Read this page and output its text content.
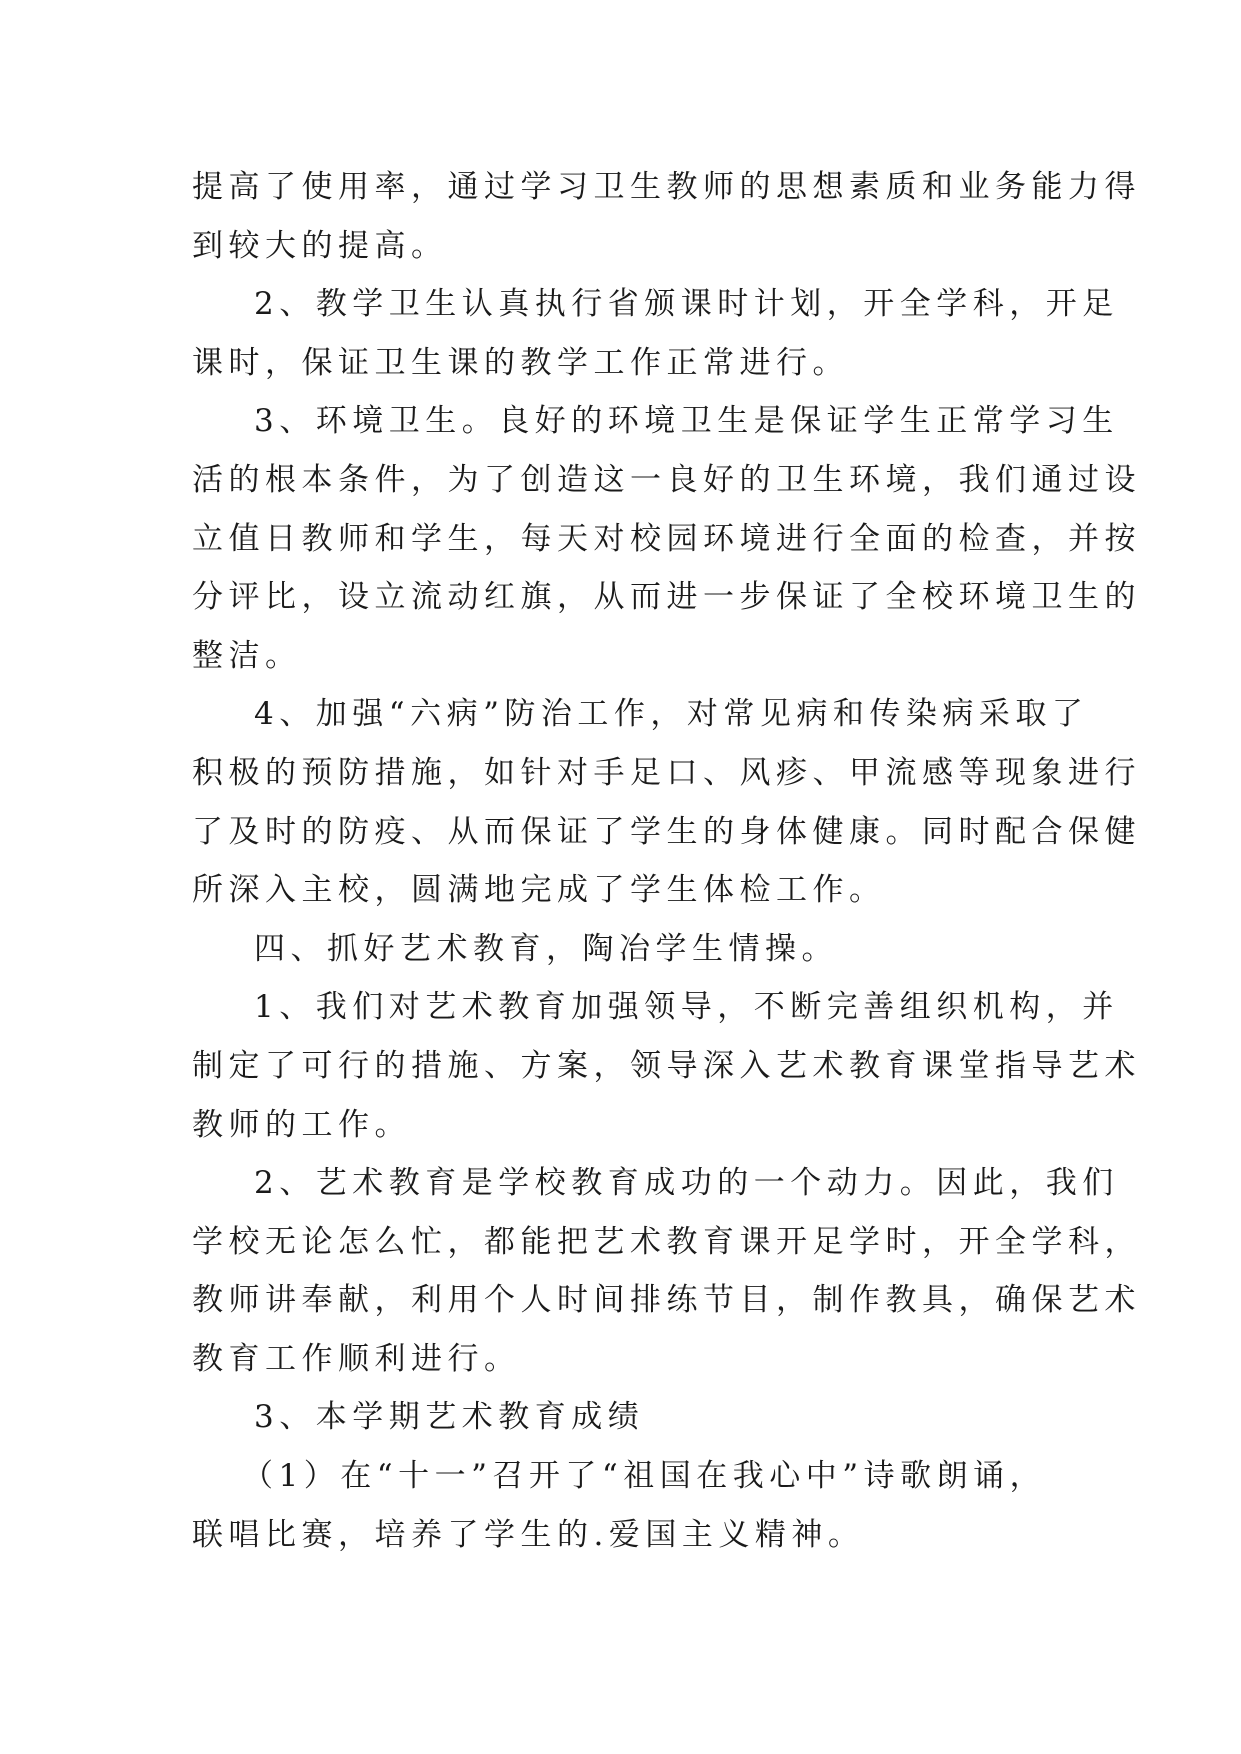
提高了使用率，通过学习卫生教师的思想素质和业务能力得
到较大的提高。
2、教学卫生认真执行省颁课时计划，开全学科，开足
课时，保证卫生课的教学工作正常进行。
3、环境卫生。良好的环境卫生是保证学生正常学习生
活的根本条件，为了创造这一良好的卫生环境，我们通过设
立值日教师和学生，每天对校园环境进行全面的检查，并按
分评比，设立流动红旗，从而进一步保证了全校环境卫生的
整洁。
4、加强“六病”防治工作，对常见病和传染病采取了
积极的预防措施，如针对手足口、风疹、甲流感等现象进行
了及时的防疫、从而保证了学生的身体健康。同时配合保健
所深入主校，圆满地完成了学生体检工作。
四、抓好艺术教育，陶冶学生情操。
1、我们对艺术教育加强领导，不断完善组织机构，并
制定了可行的措施、方案，领导深入艺术教育课堂指导艺术
教师的工作。
2、艺术教育是学校教育成功的一个动力。因此，我们
学校无论怎么忙，都能把艺术教育课开足学时，开全学科，
教师讲奉献，利用个人时间排练节目，制作教具，确保艺术
教育工作顺利进行。
3、本学期艺术教育成绩
（1）在“十一”召开了“祖国在我心中”诗歌朗诵，
联唱比赛，培养了学生的.爱国主义精神。
